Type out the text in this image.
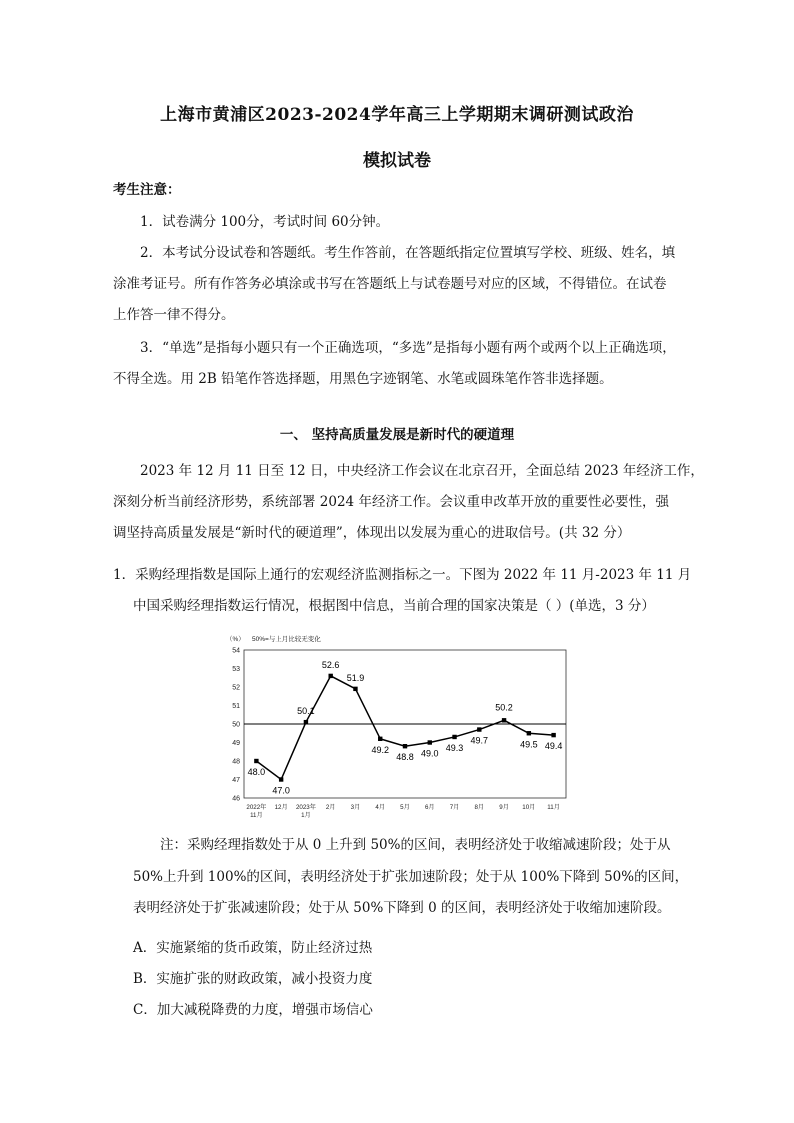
上海市黄浦区2023-2024学年高三上学期期末调研测试政治
模拟试卷
考生注意：
1．试卷满分 100分，考试时间 60分钟。
2．本考试分设试卷和答题纸。考生作答前，在答题纸指定位置填写学校、班级、姓名，填
涂准考证号。所有作答务必填涂或书写在答题纸上与试卷题号对应的区域，不得错位。在试卷
上作答一律不得分。
3．“单选”是指每小题只有一个正确选项，“多选”是指每小题有两个或两个以上正确选项，
不得全选。用 2B 铅笔作答选择题，用黑色字迹钢笔、水笔或圆珠笔作答非选择题。
一、 坚持高质量发展是新时代的硬道理
2023 年 12 月 11 日至 12 日，中央经济工作会议在北京召开，全面总结 2023 年经济工作，
深刻分析当前经济形势，系统部署 2024 年经济工作。会议重申改革开放的重要性必要性，强
调坚持高质量发展是“新时代的硬道理”，体现出以发展为重心的进取信号。(共 32 分）
1．采购经理指数是国际上通行的宏观经济监测指标之一。下图为 2022 年 11 月-2023 年 11 月
中国采购经理指数运行情况，根据图中信息，当前合理的国家决策是（ ）(单选，3 分）
（%） 50%=与上月比较无变化
46
47
48
49
50
51
52
53
54
2022年
11月
12月 2023年
1月
2月 3月 4月 5月 6月 7月 8月 9月 10月 11月
48.0
47.0
50.1
52.6
51.9
49.2
48.8 49.0
49.3
49.7
50.2
49.5 49.4
注：采购经理指数处于从 0 上升到 50%的区间，表明经济处于收缩减速阶段；处于从
50%上升到 100%的区间，表明经济处于扩张加速阶段；处于从 100%下降到 50%的区间，
表明经济处于扩张减速阶段；处于从 50%下降到 0 的区间，表明经济处于收缩加速阶段。
A．实施紧缩的货币政策，防止经济过热
B．实施扩张的财政政策，减小投资力度
C．加大减税降费的力度，增强市场信心
